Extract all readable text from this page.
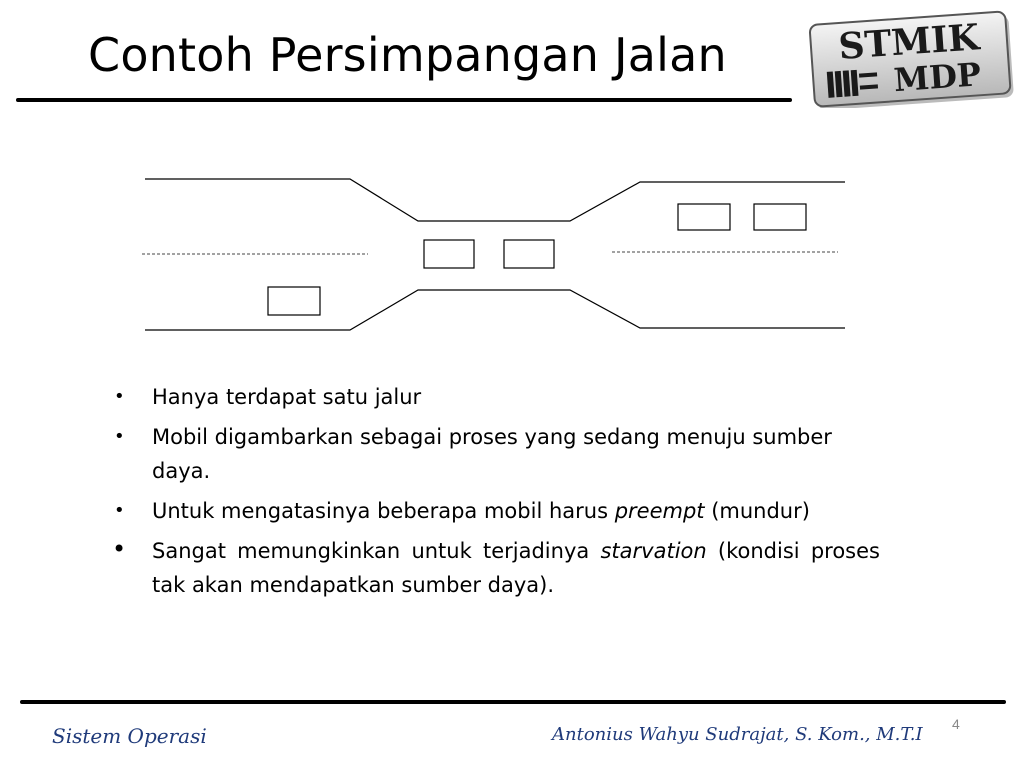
Contoh Persimpangan Jalan	STMIK
MDP
• Hanya terdapat satu jalur
• Mobil digambarkan sebagai proses yang sedang menuju sumber daya.
• Untuk mengatasinya beberapa mobil harus preempt (mundur)
• Sangat memungkinkan untuk terjadinya starvation (kondisi proses tak akan mendapatkan sumber daya).
Sistem Operasi	Antonius Wahyu Sudrajat, S. Kom., M.T.I 4
